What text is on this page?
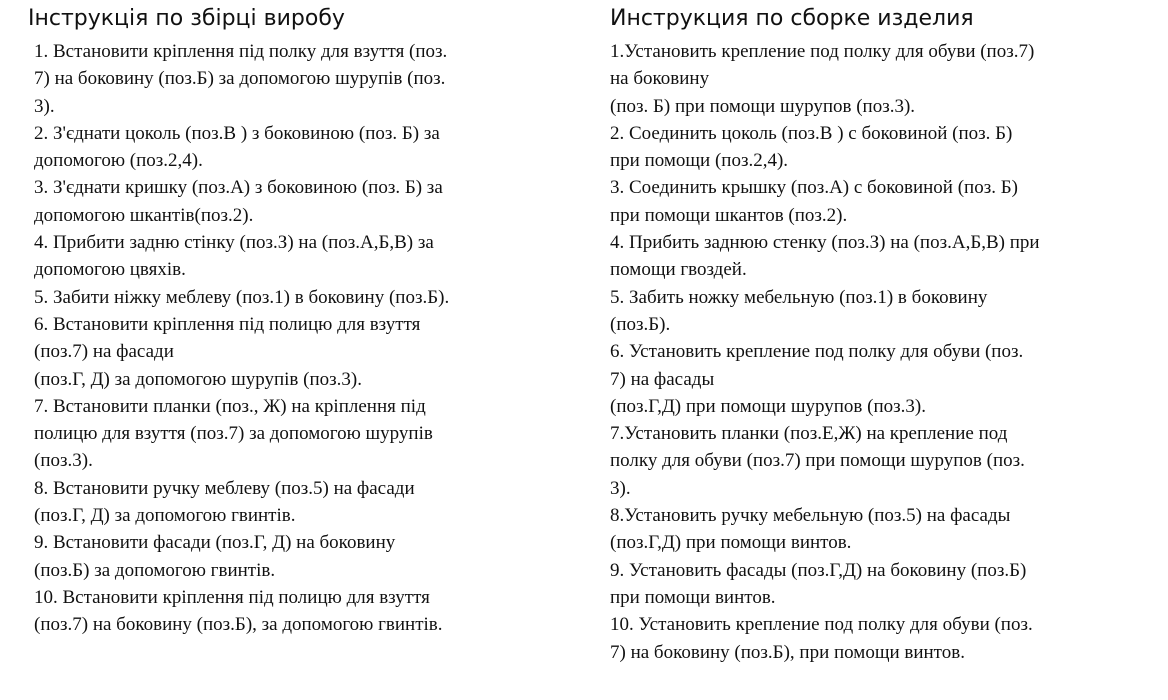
Інструкція по збірці виробу
1. Встановити кріплення під полку для взуття (поз.
7) на боковину (поз.Б) за допомогою шурупів (поз.
3).
2. З'єднати цоколь (поз.В ) з боковиною (поз. Б) за
допомогою (поз.2,4).
3. З'єднати кришку (поз.А) з боковиною (поз. Б) за
допомогою шкантів(поз.2).
4. Прибити задню стінку (поз.З) на (поз.А,Б,В) за
допомогою цвяхів.
5. Забити ніжку меблеву (поз.1) в боковину (поз.Б).
6. Встановити кріплення під полицю для взуття
(поз.7) на фасади
(поз.Г, Д) за допомогою шурупів (поз.3).
7. Встановити планки (поз., Ж) на кріплення під
полицю для взуття (поз.7) за допомогою шурупів
(поз.3).
8. Встановити ручку меблеву (поз.5) на фасади
(поз.Г, Д) за допомогою гвинтів.
9. Встановити фасади (поз.Г, Д) на боковину
(поз.Б) за допомогою гвинтів.
10. Встановити кріплення під полицю для взуття
(поз.7) на боковину (поз.Б), за допомогою гвинтів.
Инструкция по сборке изделия
1.Установить крепление под полку для обуви (поз.7)
на боковину
(поз. Б) при помощи шурупов (поз.3).
2. Соединить цоколь (поз.В ) с боковиной (поз. Б)
при помощи (поз.2,4).
3. Соединить крышку (поз.А) с боковиной (поз. Б)
при помощи шкантов (поз.2).
4. Прибить заднюю стенку (поз.З) на (поз.А,Б,В) при
помощи гвоздей.
5. Забить ножку мебельную (поз.1) в боковину
(поз.Б).
6. Установить крепление под полку для обуви (поз.
7) на фасады
(поз.Г,Д) при помощи шурупов (поз.3).
7.Установить планки (поз.Е,Ж) на крепление под
полку для обуви (поз.7) при помощи шурупов (поз.
3).
8.Установить ручку мебельную (поз.5) на фасады
(поз.Г,Д) при помощи винтов.
9. Установить фасады (поз.Г,Д) на боковину (поз.Б)
при помощи винтов.
10. Установить крепление под полку для обуви (поз.
7) на боковину (поз.Б), при помощи винтов.
